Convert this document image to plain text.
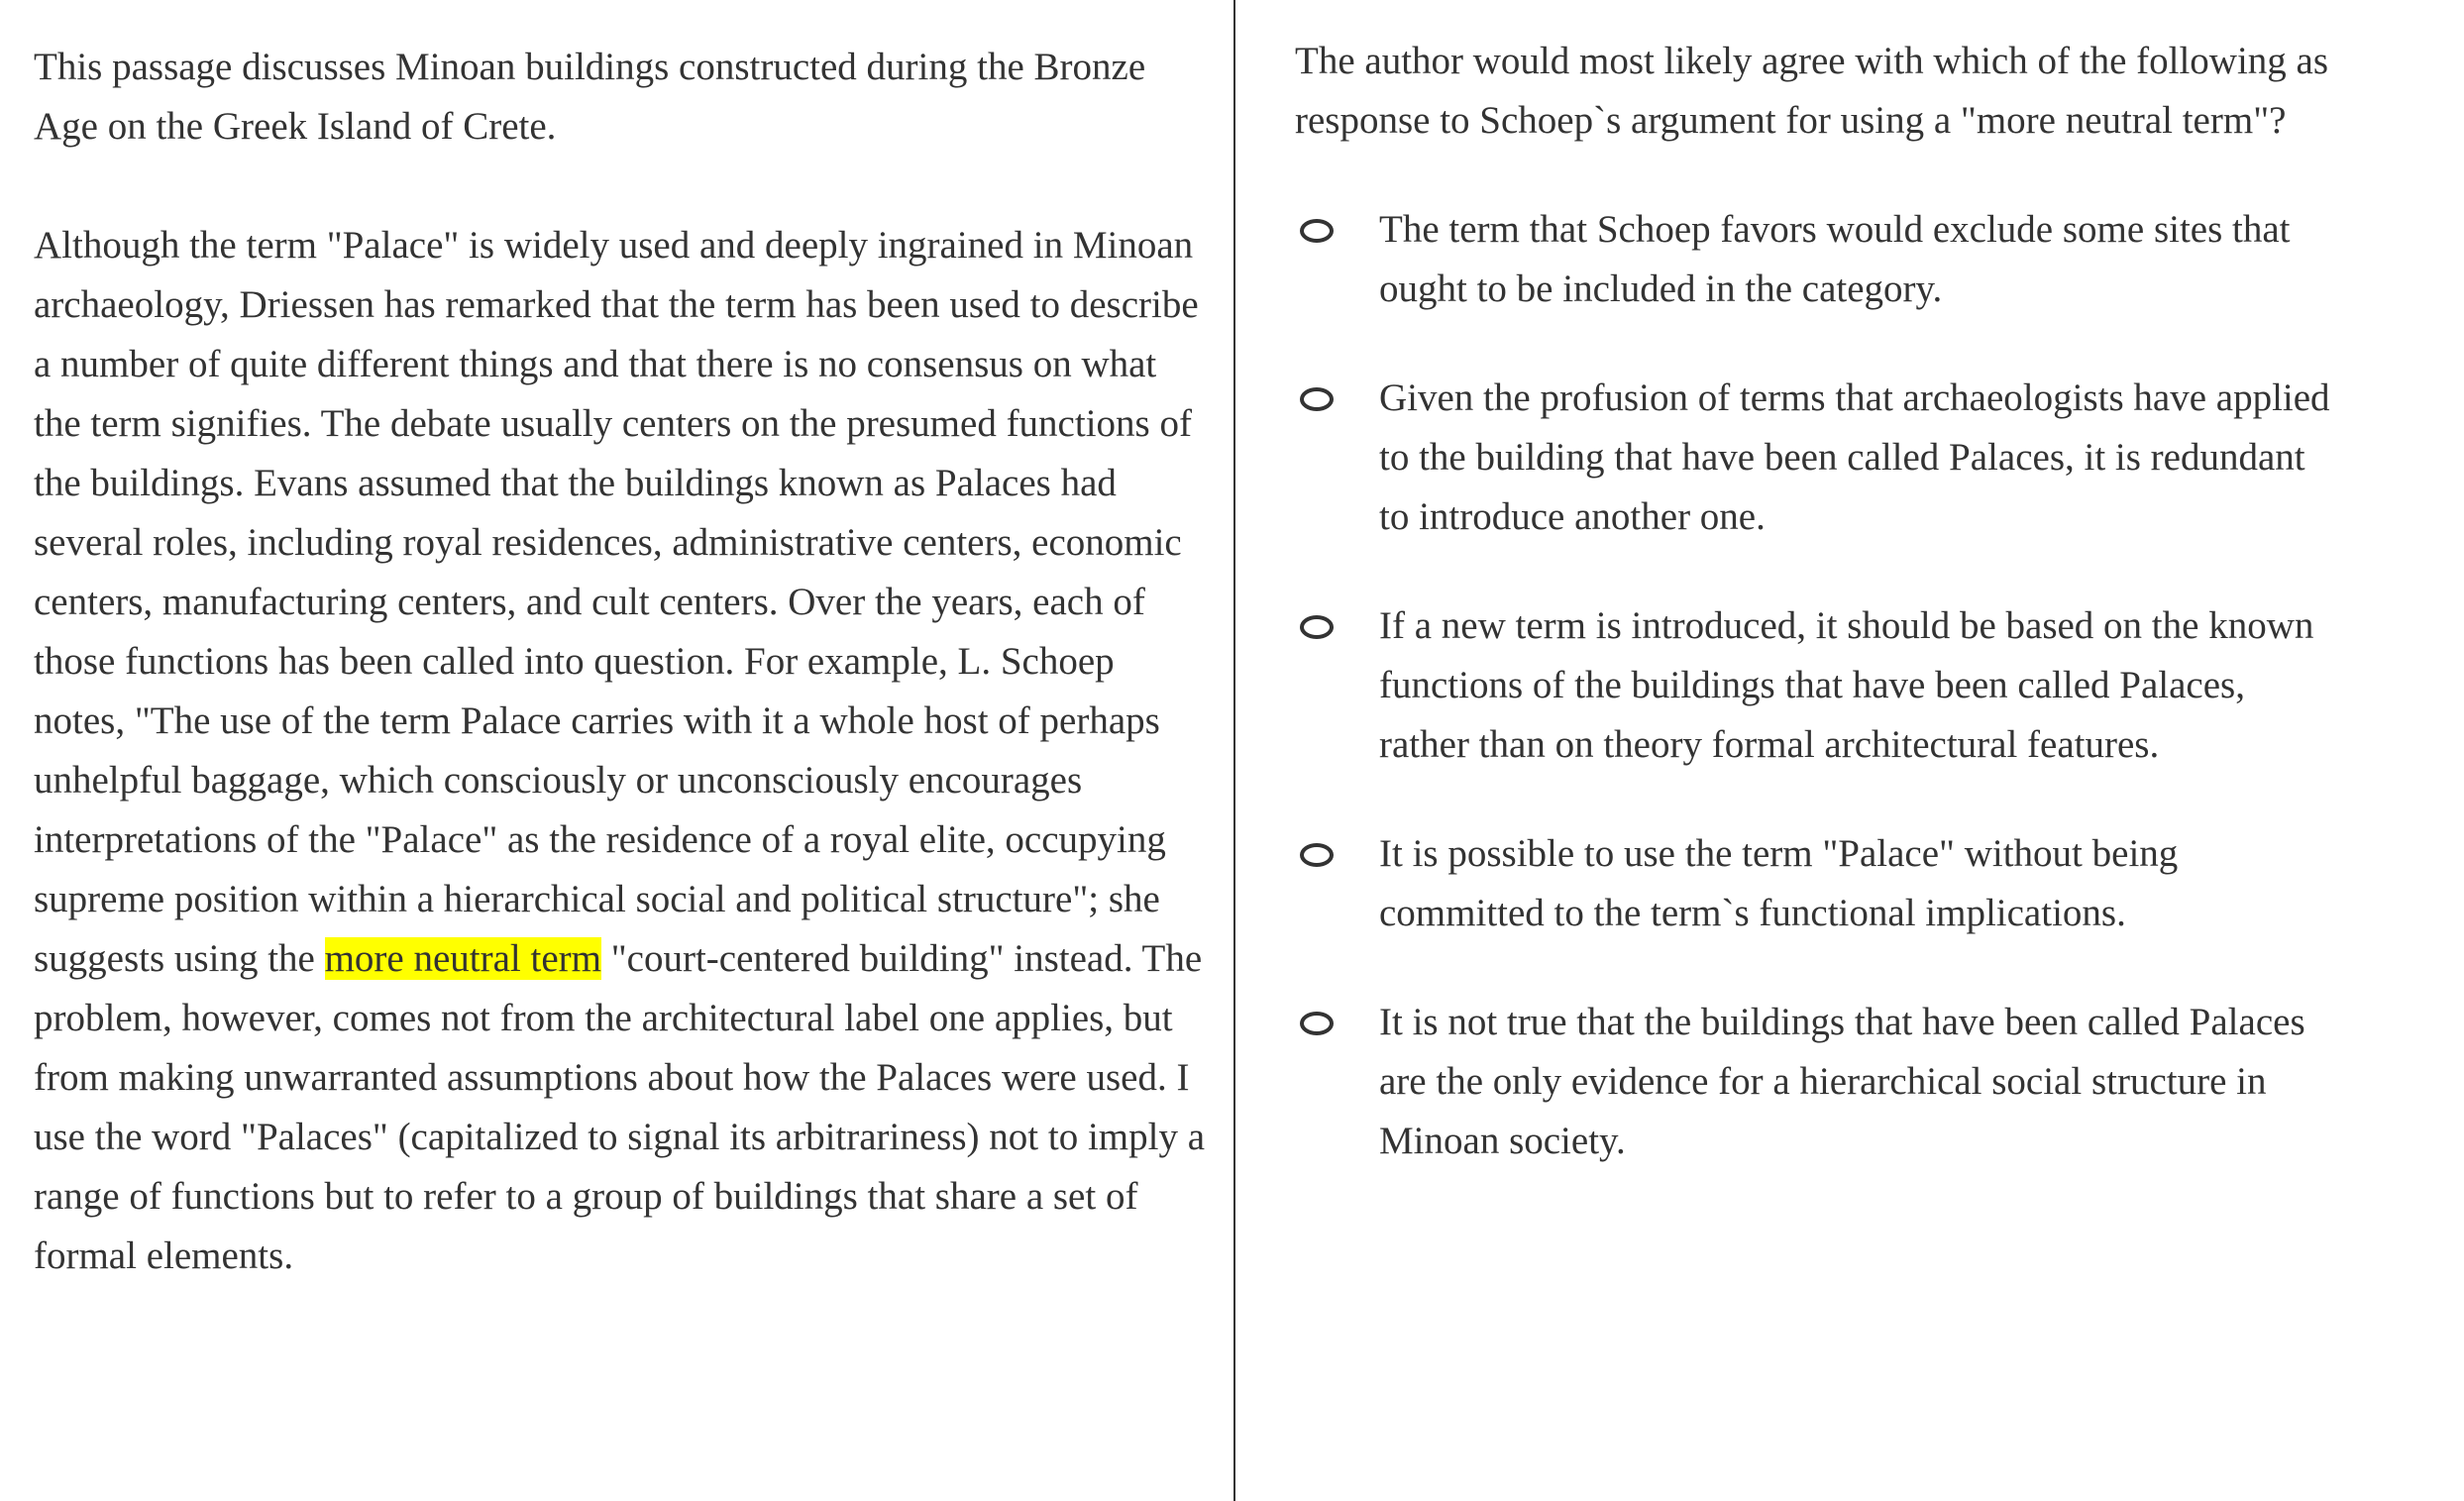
This passage discusses Minoan buildings constructed during the Bronze Age on the Greek Island of Crete.

Although the term "Palace" is widely used and deeply ingrained in Minoan archaeology, Driessen has remarked that the term has been used to describe a number of quite different things and that there is no consensus on what the term signifies. The debate usually centers on the presumed functions of the buildings. Evans assumed that the buildings known as Palaces had several roles, including royal residences, administrative centers, economic centers, manufacturing centers, and cult centers. Over the years, each of those functions has been called into question. For example, L. Schoep notes, "The use of the term Palace carries with it a whole host of perhaps unhelpful baggage, which consciously or unconsciously encourages interpretations of the "Palace" as the residence of a royal elite, occupying supreme position within a hierarchical social and political structure"; she suggests using the more neutral term "court-centered building" instead. The problem, however, comes not from the architectural label one applies, but from making unwarranted assumptions about how the Palaces were used. I use the word "Palaces" (capitalized to signal its arbitrariness) not to imply a range of functions but to refer to a group of buildings that share a set of formal elements.

The author would most likely agree with which of the following as response to Schoep`s argument for using a "more neutral term"?

The term that Schoep favors would exclude some sites that ought to be included in the category.
Given the profusion of terms that archaeologists have applied to the building that have been called Palaces, it is redundant to introduce another one.
If a new term is introduced, it should be based on the known functions of the buildings that have been called Palaces, rather than on theory formal architectural features.
It is possible to use the term "Palace" without being committed to the term`s functional implications.
It is not true that the buildings that have been called Palaces are the only evidence for a hierarchical social structure in Minoan society.
